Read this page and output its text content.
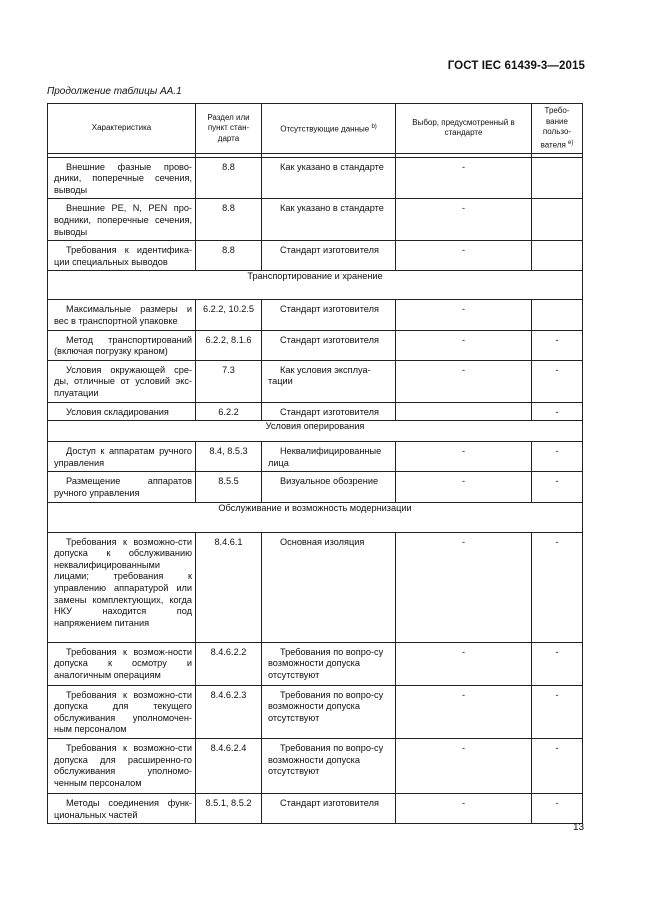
ГОСТ IEC 61439-3—2015
Продолжение таблицы АА.1
Характеристика	Раздел или пункт стан-дарта	Отсутствующие данные $^{b)}$	Выбор, предусмотренный в стандарте	Требо-вание пользо-вателя $^{e)}$

Внешние фазные прово-дники, поперечные сечения, выводы	8.8	Как указано в стандарте	-	
Внешние PE, N, PEN про-водники, поперечные сечения, выводы	8.8	Как указано в стандарте	-	
Требования к идентифика-ции специальных выводов	8.8	Стандарт изготовителя	-	
Транспортирование и хранение				
Максимальные размеры и вес в транспортной упаковке	6.2.2, 10.2.5	Стандарт изготовителя	-	
Метод транспортирований (включая погрузку краном)	6.2.2, 8.1.6	Стандарт изготовителя	-	-
Условия окружающей сре-ды, отличные от условий экс-плуатации	7.3	Как условия эксплуа-тации	-	-
Условия складирования	6.2.2	Стандарт изготовителя		-
Условия оперирования				
Доступ к аппаратам ручного управления	8.4, 8.5.3	Неквалифицированные лица	-	-
Размещение аппаратов ручного управления	8.5.5	Визуальное обозрение	-	-
Обслуживание и возможность модернизации				
Требования к возможно-сти допуска к обслуживанию неквалифицированными лицами; требования к управлению аппаратурой или замены комплектующих, когда НКУ находится под напряжением питания	8.4.6.1	Основная изоляция	-	-
Требования к возмож-ности допуска к осмотру и аналогичным операциям	8.4.6.2.2	Требования по вопро-су возможности допуска отсутствуют	-	-
Требования к возможно-сти допуска для текущего обслуживания уполномочен-ным персоналом	8.4.6.2.3	Требования по вопро-су возможности допуска отсутствуют	-	-
Требования к возможно-сти допуска для расширенно-го обслуживания уполномо-ченным персоналом	8.4.6.2.4	Требования по вопро-су возможности допуска отсутствуют	-	-
Методы соединения функ-циональных частей	8.5.1, 8.5.2	Стандарт изготовителя	-	-
13
